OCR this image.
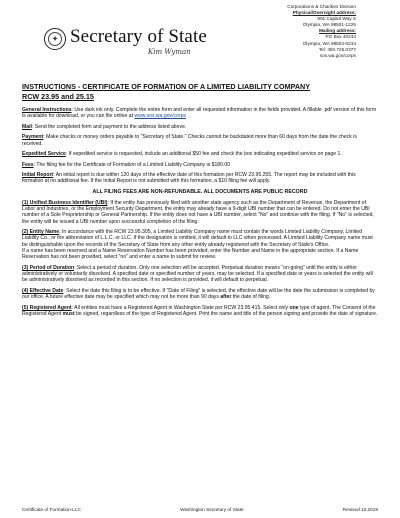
✦ Secretary of State
Kim Wyman
Corporations & Charities Division
Physical/Overnight address:
801 Capitol Way S
Olympia, WA 98501-1226
Mailing address:
PO Box 40234
Olympia, WA 98504-0234
Tel: 360.725.0377
sos.wa.gov/corps
INSTRUCTIONS - CERTIFICATE OF FORMATION OF A LIMITED LIABILITY COMPANY
RCW 23.95 and 25.15

General Instructions: Use dark ink only. Complete the entire form and enter all requested information in the fields provided. A fillable .pdf version of this form is available for download, or you can file online at www.sos.wa.gov/corps

Mail: Send the completed form and payment to the address listed above.

Payment: Make checks or money orders payable to "Secretary of State." Checks cannot be backdated more than 60 days from the date the check is received.

Expedited Service: If expedited service is requested, include an additional $50 fee and check the box indicating expedited service on page 1.

Fees: The filing fee for the Certificate of Formation of a Limited Liability Company is $180.00

Initial Report: An initial report is due within 120 days of the effective date of this formation per RCW 23.95.255. The report may be included with this formation at no additional fee. If the Initial Report is not submitted with this formation, a $10 filing fee will apply.

ALL FILING FEES ARE NON-REFUNDABLE. ALL DOCUMENTS ARE PUBLIC RECORD

(1) Unified Business Identifier (UBI): If the entity has previously filed with another state agency such as the Department of Revenue, the Department of Labor and Industries, or the Employment Security Department, the entity may already have a 9-digit UBI number that can be entered. Do not enter the UBI number of a Sole Proprietorship or General Partnership. If the entity does not have a UBI number, select "No" and continue with the filing. If "No" is selected, the entity will be issued a UBI number upon successful completion of the filing.

(2) Entity Name: In accordance with the RCW 23.95.305, a Limited Liability Company name must contain the words Limited Liability Company, Limited Liability Co., or the abbreviation of L.L.C. or LLC. If the designation is omitted, it will default to LLC when processed. A Limited Liability Company name must be distinguishable upon the records of the Secretary of State from any other entity already registered with the Secretary of State's Office.

If a name has been reserved and a Name Reservation Number has been provided, enter the Number and Name in the appropriate section. If a Name Reservation has not been provided, select "no" and enter a name to submit for review.

(3) Period of Duration: Select a period of duration. Only one selection will be accepted. Perpetual duration means "on-going" until the entity is either administratively or voluntarily dissolved. A specified date or specified number of years, may be selected. If a specified date or years is selected the entity will be administratively dissolved as recorded in this section. If no selection is provided, it will default to perpetual.

(4) Effective Date: Select the date this filing is to be effective. If "Date of Filing" is selected, the effective date will be the date the submission is completed by our office. A future effective date may be specified which may not be more than 90 days after the date of filing.

(5) Registered Agent: All entities must have a Registered Agent in Washington State per RCW 23.95.415. Select only one type of agent. The Consent of the Registered Agent must be signed, regardless of the type of Registered Agent. Print the name and title of the person signing and provide the date of signature.

Certificate of Formation-LLC	Washington Secretary of State	Revised 10.2019
